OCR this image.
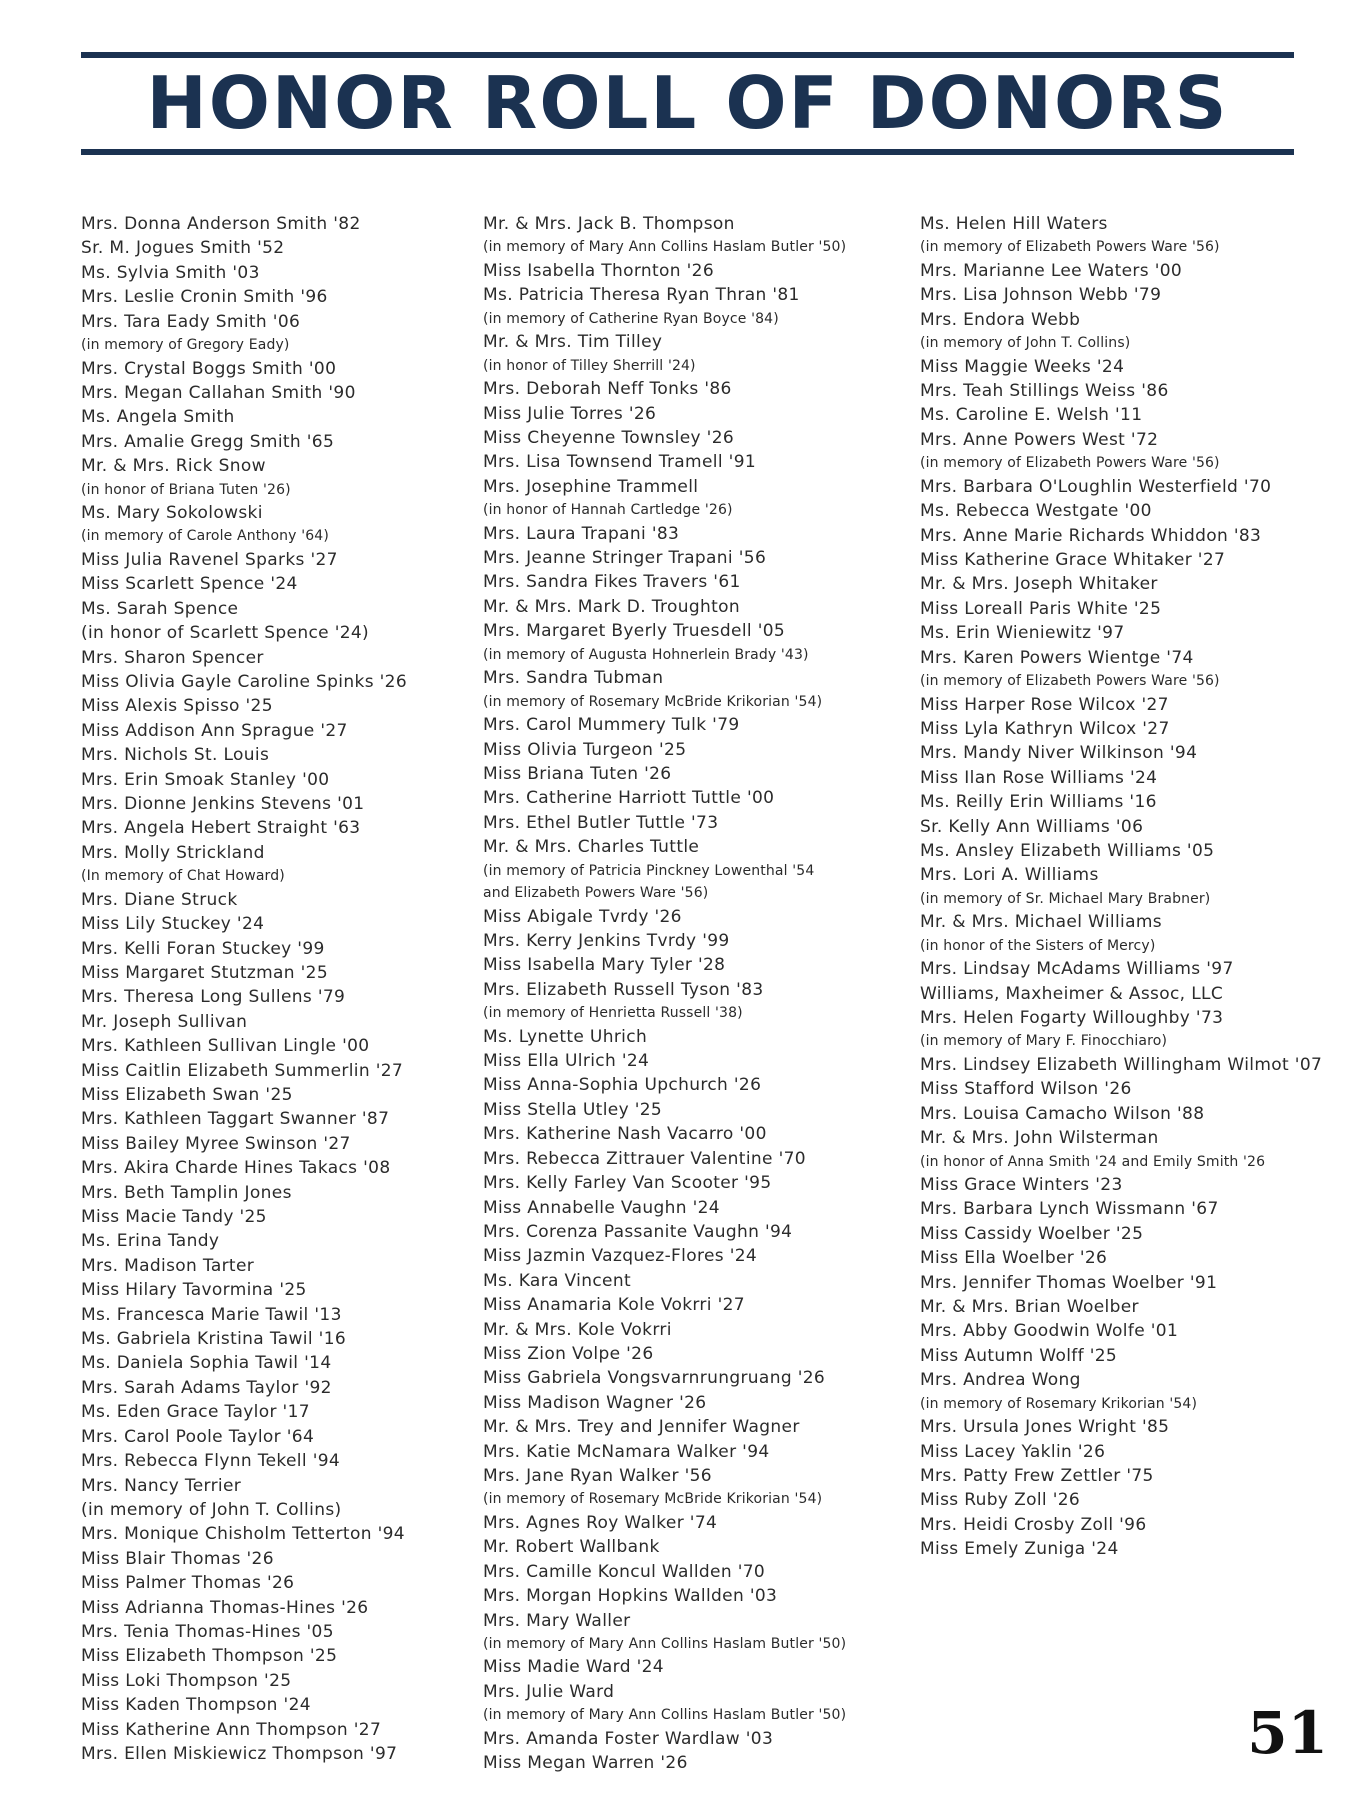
HONOR ROLL OF DONORS
Mrs. Donna Anderson Smith '82
Sr. M. Jogues Smith '52
Ms. Sylvia Smith '03
Mrs. Leslie Cronin Smith '96
Mrs. Tara Eady Smith '06
(in memory of Gregory Eady)
Mrs. Crystal Boggs Smith '00
Mrs. Megan Callahan Smith '90
Ms. Angela Smith
Mrs. Amalie Gregg Smith '65
Mr. & Mrs. Rick Snow
(in honor of Briana Tuten '26)
Ms. Mary Sokolowski
(in memory of Carole Anthony '64)
Miss Julia Ravenel Sparks '27
Miss Scarlett Spence '24
Ms. Sarah Spence
(in honor of Scarlett Spence '24)
Mrs. Sharon Spencer
Miss Olivia Gayle Caroline Spinks '26
Miss Alexis Spisso '25
Miss Addison Ann Sprague '27
Mrs. Nichols St. Louis
Mrs. Erin Smoak Stanley '00
Mrs. Dionne Jenkins Stevens '01
Mrs. Angela Hebert Straight '63
Mrs. Molly Strickland
(In memory of Chat Howard)
Mrs. Diane Struck
Miss Lily Stuckey '24
Mrs. Kelli Foran Stuckey '99
Miss Margaret Stutzman '25
Mrs. Theresa Long Sullens '79
Mr. Joseph Sullivan
Mrs. Kathleen Sullivan Lingle '00
Miss Caitlin Elizabeth Summerlin '27
Miss Elizabeth Swan '25
Mrs. Kathleen Taggart Swanner '87
Miss Bailey Myree Swinson '27
Mrs. Akira Charde Hines Takacs '08
Mrs. Beth Tamplin Jones
Miss Macie Tandy '25
Ms. Erina Tandy
Mrs. Madison Tarter
Miss Hilary Tavormina '25
Ms. Francesca Marie Tawil '13
Ms. Gabriela Kristina Tawil '16
Ms. Daniela Sophia Tawil '14
Mrs. Sarah Adams Taylor '92
Ms. Eden Grace Taylor '17
Mrs. Carol Poole Taylor '64
Mrs. Rebecca Flynn Tekell '94
Mrs. Nancy Terrier
(in memory of John T. Collins)
Mrs. Monique Chisholm Tetterton '94
Miss Blair Thomas '26
Miss Palmer Thomas '26
Miss Adrianna Thomas-Hines '26
Mrs. Tenia Thomas-Hines '05
Miss Elizabeth Thompson '25
Miss Loki Thompson '25
Miss Kaden Thompson '24
Miss Katherine Ann Thompson '27
Mrs. Ellen Miskiewicz Thompson '97
Mr. & Mrs. Jack B. Thompson
(in memory of Mary Ann Collins Haslam Butler '50)
Miss Isabella Thornton '26
Ms. Patricia Theresa Ryan Thran '81
(in memory of Catherine Ryan Boyce '84)
Mr. & Mrs. Tim Tilley
(in honor of Tilley Sherrill '24)
Mrs. Deborah Neff Tonks '86
Miss Julie Torres '26
Miss Cheyenne Townsley '26
Mrs. Lisa Townsend Tramell '91
Mrs. Josephine Trammell
(in honor of Hannah Cartledge '26)
Mrs. Laura Trapani '83
Mrs. Jeanne Stringer Trapani '56
Mrs. Sandra Fikes Travers '61
Mr. & Mrs. Mark D. Troughton
Mrs. Margaret Byerly Truesdell '05
(in memory of Augusta Hohnerlein Brady '43)
Mrs. Sandra Tubman
(in memory of Rosemary McBride Krikorian '54)
Mrs. Carol Mummery Tulk '79
Miss Olivia Turgeon '25
Miss Briana Tuten '26
Mrs. Catherine Harriott Tuttle '00
Mrs. Ethel Butler Tuttle '73
Mr. & Mrs. Charles Tuttle
(in memory of Patricia Pinckney Lowenthal '54
and Elizabeth Powers Ware '56)
Miss Abigale Tvrdy '26
Mrs. Kerry Jenkins Tvrdy '99
Miss Isabella Mary Tyler '28
Mrs. Elizabeth Russell Tyson '83
(in memory of Henrietta Russell '38)
Ms. Lynette Uhrich
Miss Ella Ulrich '24
Miss Anna-Sophia Upchurch '26
Miss Stella Utley '25
Mrs. Katherine Nash Vacarro '00
Mrs. Rebecca Zittrauer Valentine '70
Mrs. Kelly Farley Van Scooter '95
Miss Annabelle Vaughn '24
Mrs. Corenza Passanite Vaughn '94
Miss Jazmin Vazquez-Flores '24
Ms. Kara Vincent
Miss Anamaria Kole Vokrri '27
Mr. & Mrs. Kole Vokrri
Miss Zion Volpe '26
Miss Gabriela Vongsvarnrungruang '26
Miss Madison Wagner '26
Mr. & Mrs. Trey and Jennifer Wagner
Mrs. Katie McNamara Walker '94
Mrs. Jane Ryan Walker '56
(in memory of Rosemary McBride Krikorian '54)
Mrs. Agnes Roy Walker '74
Mr. Robert Wallbank
Mrs. Camille Koncul Wallden '70
Mrs. Morgan Hopkins Wallden '03
Mrs. Mary Waller
(in memory of Mary Ann Collins Haslam Butler '50)
Miss Madie Ward '24
Mrs. Julie Ward
(in memory of Mary Ann Collins Haslam Butler '50)
Mrs. Amanda Foster Wardlaw '03
Miss Megan Warren '26
Ms. Helen Hill Waters
(in memory of Elizabeth Powers Ware '56)
Mrs. Marianne Lee Waters '00
Mrs. Lisa Johnson Webb '79
Mrs. Endora Webb
(in memory of John T. Collins)
Miss Maggie Weeks '24
Mrs. Teah Stillings Weiss '86
Ms. Caroline E. Welsh '11
Mrs. Anne Powers West '72
(in memory of Elizabeth Powers Ware '56)
Mrs. Barbara O'Loughlin Westerfield '70
Ms. Rebecca Westgate '00
Mrs. Anne Marie Richards Whiddon '83
Miss Katherine Grace Whitaker '27
Mr. & Mrs. Joseph Whitaker
Miss Loreall Paris White '25
Ms. Erin Wieniewitz '97
Mrs. Karen Powers Wientge '74
(in memory of Elizabeth Powers Ware '56)
Miss Harper Rose Wilcox '27
Miss Lyla Kathryn Wilcox '27
Mrs. Mandy Niver Wilkinson '94
Miss Ilan Rose Williams '24
Ms. Reilly Erin Williams '16
Sr. Kelly Ann Williams '06
Ms. Ansley Elizabeth Williams '05
Mrs. Lori A. Williams
(in memory of Sr. Michael Mary Brabner)
Mr. & Mrs. Michael Williams
(in honor of the Sisters of Mercy)
Mrs. Lindsay McAdams Williams '97
Williams, Maxheimer & Assoc, LLC
Mrs. Helen Fogarty Willoughby '73
(in memory of Mary F. Finocchiaro)
Mrs. Lindsey Elizabeth Willingham Wilmot '07
Miss Stafford Wilson '26
Mrs. Louisa Camacho Wilson '88
Mr. & Mrs. John Wilsterman
(in honor of Anna Smith '24 and Emily Smith '26
Miss Grace Winters '23
Mrs. Barbara Lynch Wissmann '67
Miss Cassidy Woelber '25
Miss Ella Woelber '26
Mrs. Jennifer Thomas Woelber '91
Mr. & Mrs. Brian Woelber
Mrs. Abby Goodwin Wolfe '01
Miss Autumn Wolff '25
Mrs. Andrea Wong
(in memory of Rosemary Krikorian '54)
Mrs. Ursula Jones Wright '85
Miss Lacey Yaklin '26
Mrs. Patty Frew Zettler '75
Miss Ruby Zoll '26
Mrs. Heidi Crosby Zoll '96
Miss Emely Zuniga '24
51
